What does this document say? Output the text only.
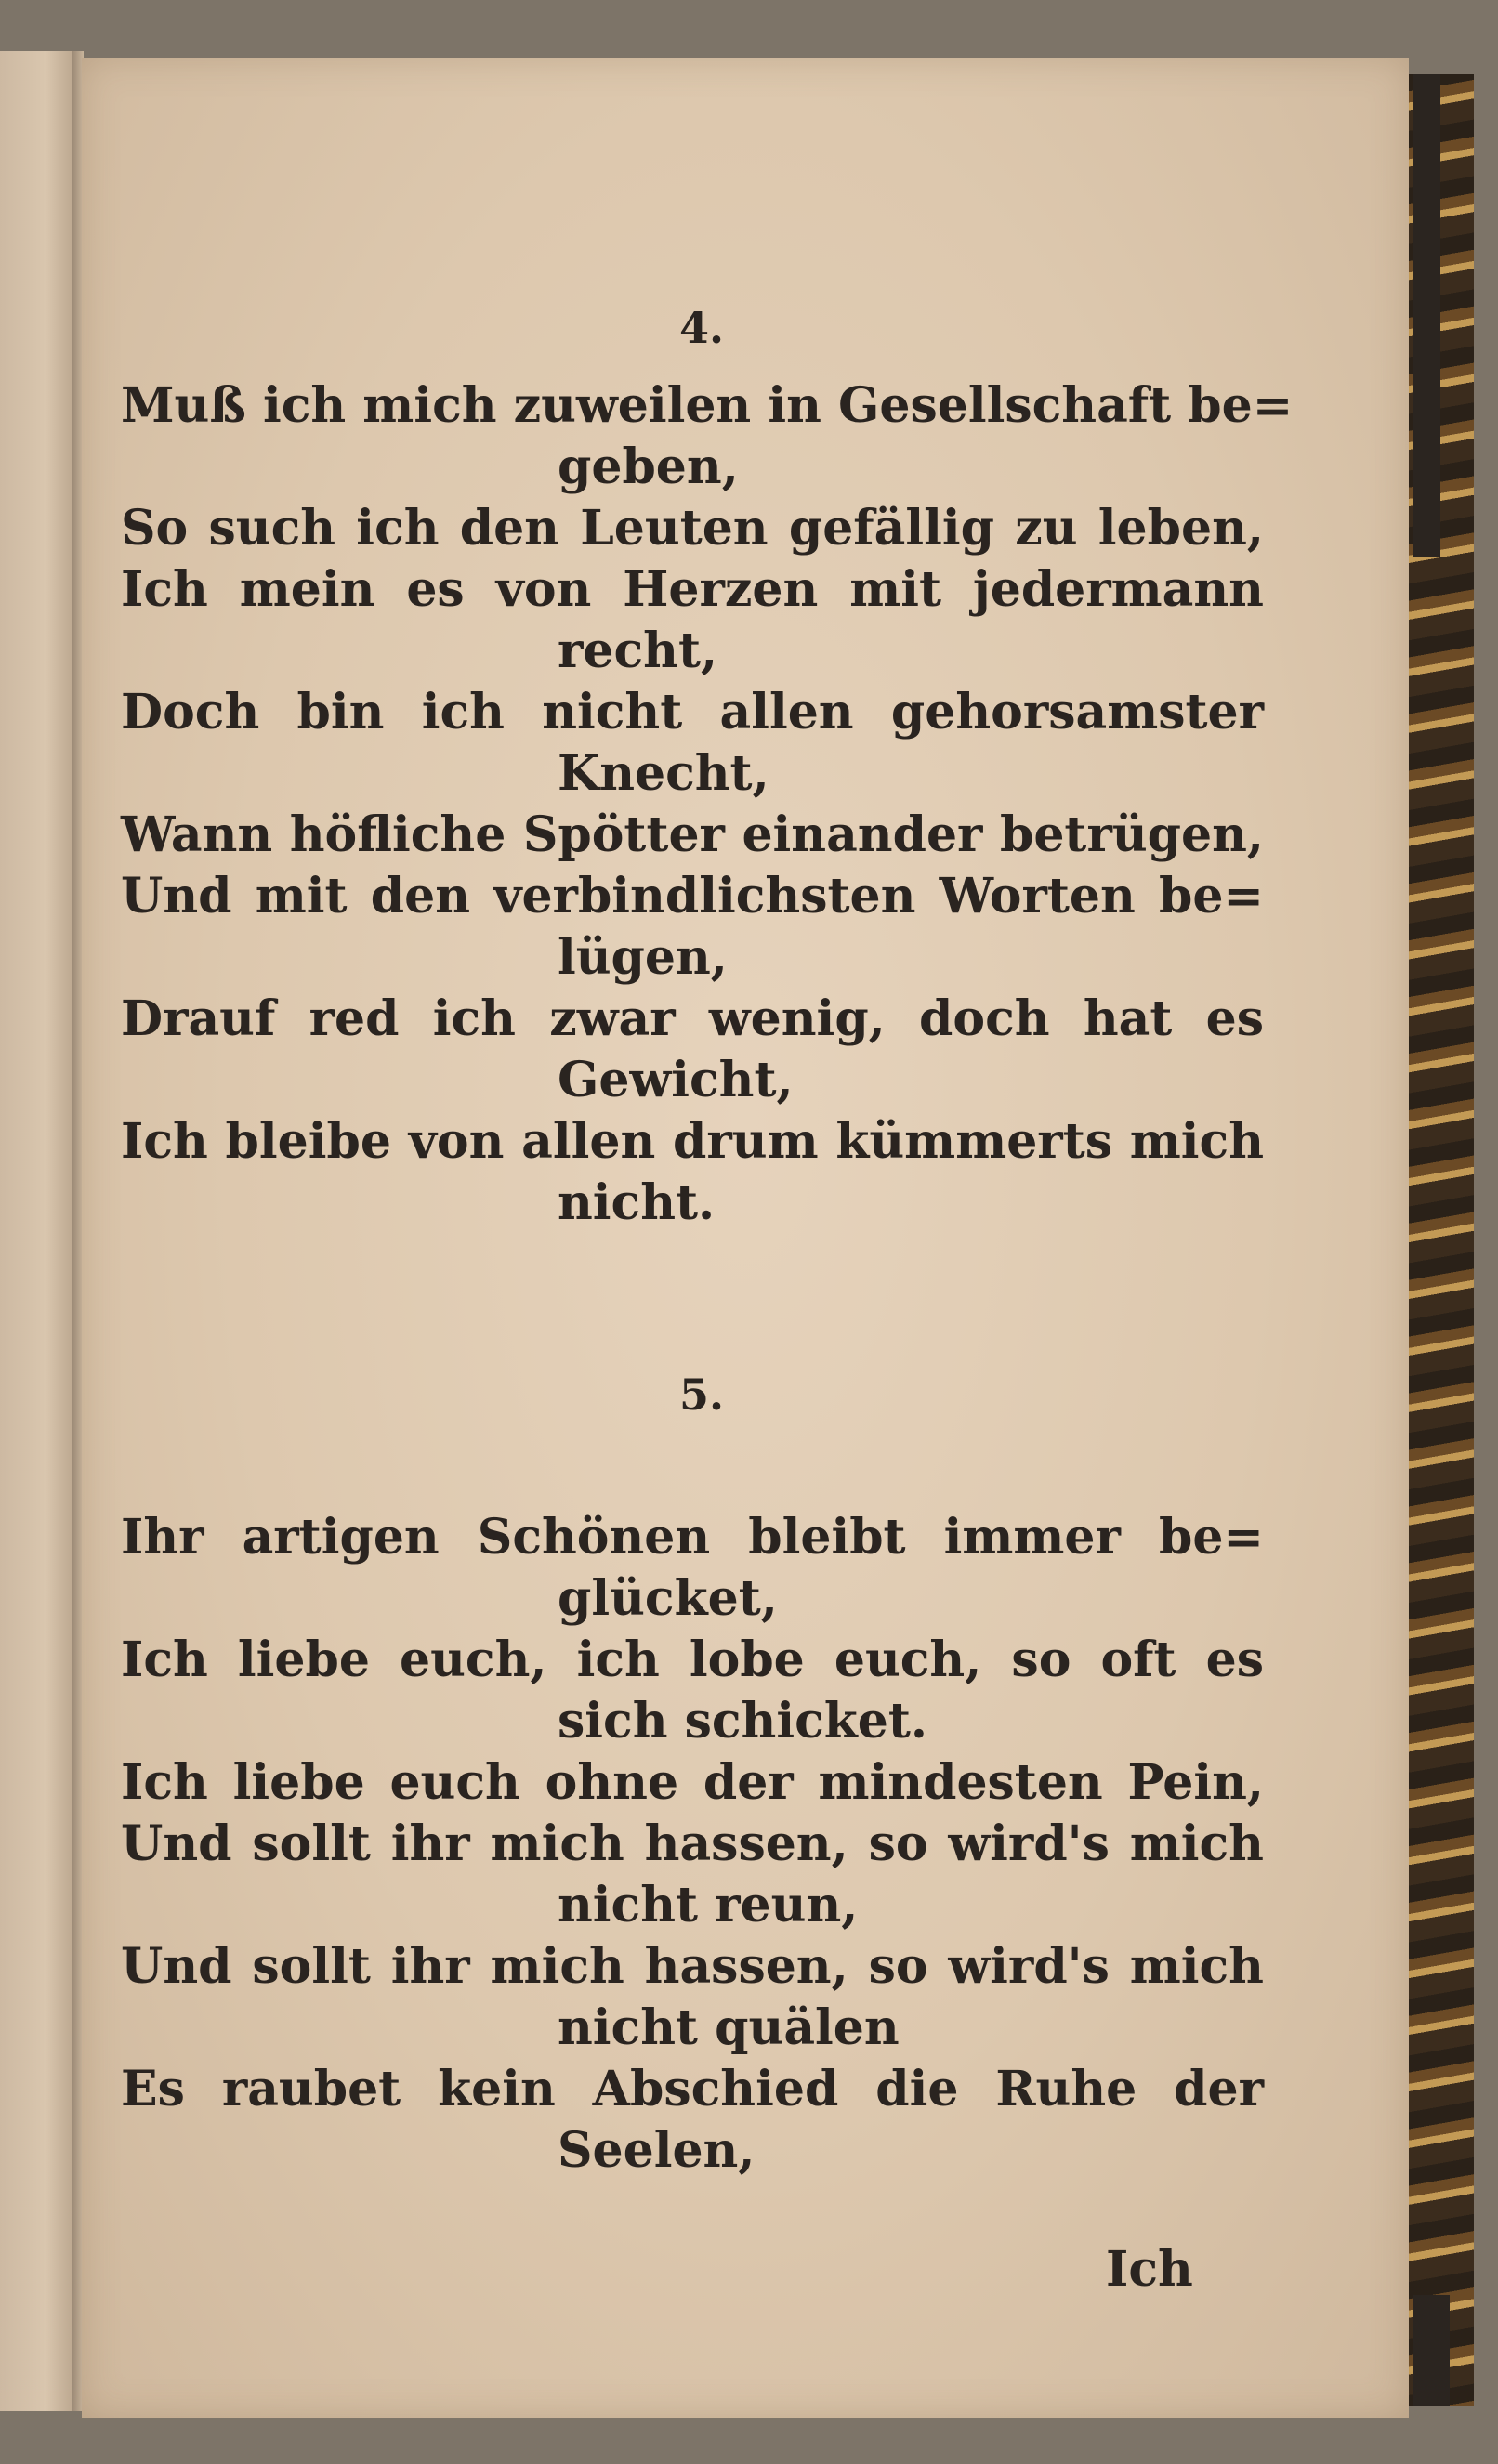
4.
Muß ich mich zuweilen in Gesellschaft be=
geben,
So such ich den Leuten gefällig zu leben,
Ich mein es von Herzen mit jedermann
recht,
Doch bin ich nicht allen gehorsamster
Knecht,
Wann höfliche Spötter einander betrügen,
Und mit den verbindlichsten Worten be=
lügen,
Drauf red ich zwar wenig, doch hat es
Gewicht,
Ich bleibe von allen drum kümmerts mich
nicht.
5.
Ihr artigen Schönen bleibt immer be=
glücket,
Ich liebe euch, ich lobe euch, so oft es
sich schicket.
Ich liebe euch ohne der mindesten Pein,
Und sollt ihr mich hassen, so wird's mich
nicht reun,
Und sollt ihr mich hassen, so wird's mich
nicht quälen
Es raubet kein Abschied die Ruhe der
Seelen,
Ich
